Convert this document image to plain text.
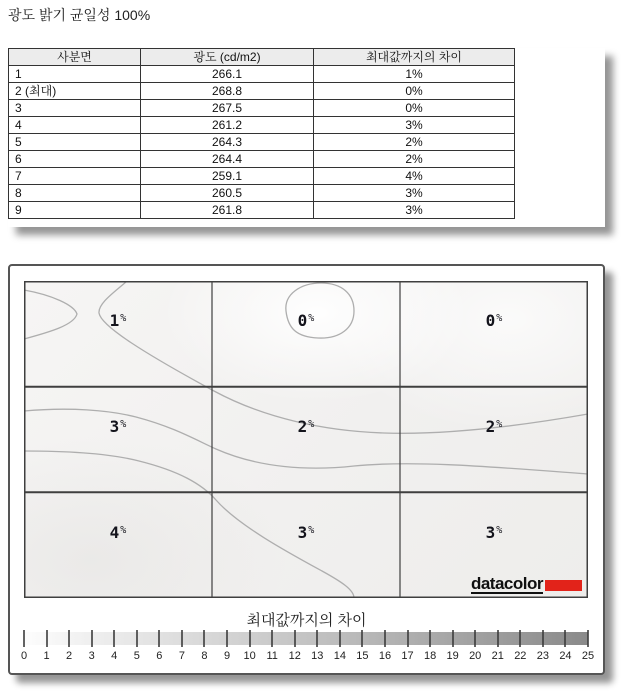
광도 밝기 균일성 100%
사분면	광도 (cd/m2)	최대값까지의 차이
1	266.1	1%
2 (최대)	268.8	0%
3	267.5	0%
4	261.2	3%
5	264.3	2%
6	264.4	2%
7	259.1	4%
8	260.5	3%
9	261.8	3%
1%	0%	0%
3%	2%	2%
4%	3%	3%
datacolor
최대값까지의 차이
0	1	2	3	4	5	6	7	8	9	10 11 12 13 14 15 16 17 18 19 20 21 22 23 24 25
